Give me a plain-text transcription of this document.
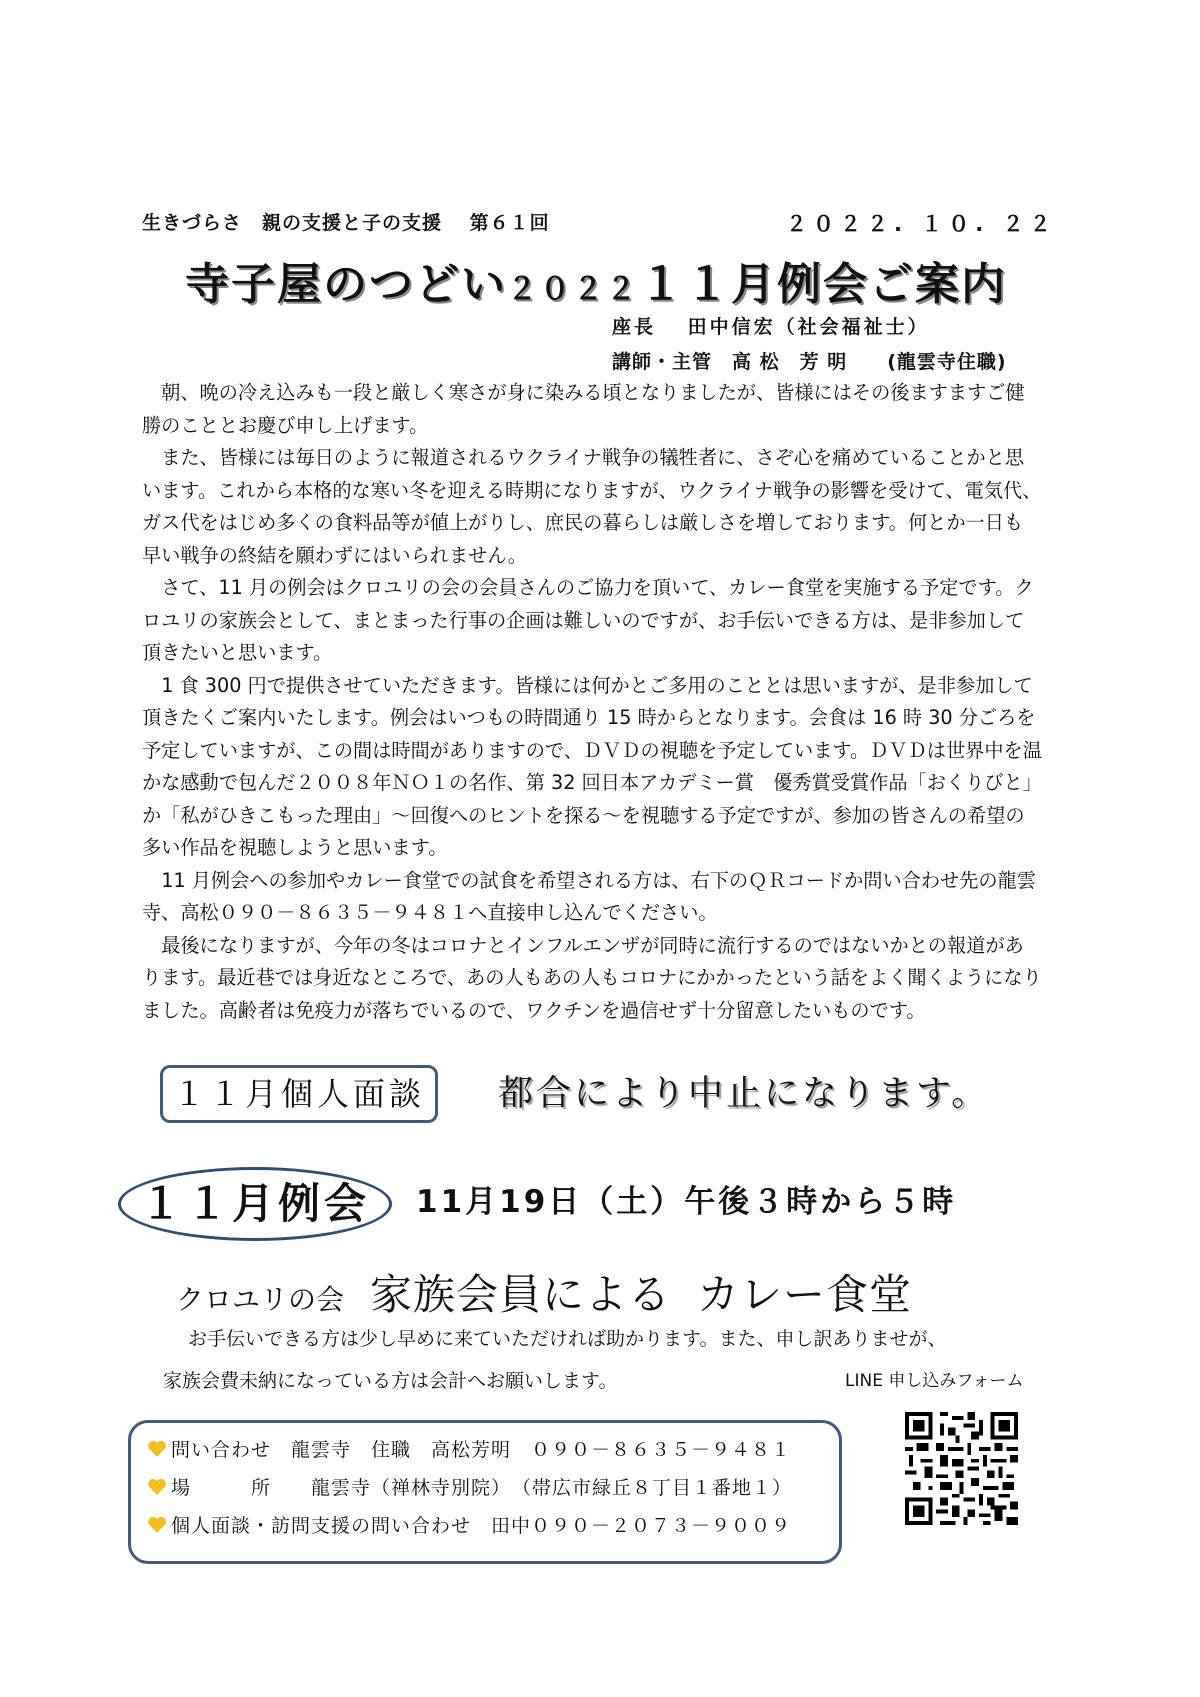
生きづらさ　親の支援と子の支援　 第６１回	２０２２. １０. ２２
寺子屋のつどい２０２２１１月例会ご案内
座長　 田中信宏（社会福祉士）
講師・主管　高 松　芳 明　　(龍雲寺住職)

朝、晩の冷え込みも一段と厳しく寒さが身に染みる頃となりましたが、皆様にはその後ますますご健勝のこととお慶び申し上げます。

また、皆様には毎日のように報道されるウクライナ戦争の犠牲者に、さぞ心を痛めていることかと思います。これから本格的な寒い冬を迎える時期になりますが、ウクライナ戦争の影響を受けて、電気代、ガス代をはじめ多くの食料品等が値上がりし、庶民の暮らしは厳しさを増しております。何とか一日も早い戦争の終結を願わずにはいられません。

さて、11 月の例会はクロユリの会の会員さんのご協力を頂いて、カレー食堂を実施する予定です。クロユリの家族会として、まとまった行事の企画は難しいのですが、お手伝いできる方は、是非参加して頂きたいと思います。

1 食 300 円で提供させていただきます。皆様には何かとご多用のこととは思いますが、是非参加して頂きたくご案内いたします。例会はいつもの時間通り 15 時からとなります。会食は 16 時 30 分ごろを予定していますが、この間は時間がありますので、ＤＶＤの視聴を予定しています。ＤＶＤは世界中を温かな感動で包んだ２００８年ＮＯ１の名作、第 32 回日本アカデミー賞　優秀賞受賞作品「おくりびと」か「私がひきこもった理由」～回復へのヒントを探る～を視聴する予定ですが、参加の皆さんの希望の多い作品を視聴しようと思います。

11 月例会への参加やカレー食堂での試食を希望される方は、右下のＱＲコードか問い合わせ先の龍雲寺、高松０９０－８６３５－９４８１へ直接申し込んでください。

最後になりますが、今年の冬はコロナとインフルエンザが同時に流行するのではないかとの報道があります。最近巷では身近なところで、あの人もあの人もコロナにかかったという話をよく聞くようになりました。高齢者は免疫力が落ちでいるので、ワクチンを過信せず十分留意したいものです。

１１月個人面談	都合により中止になります。
１１月例会	11月19日（土）午後３時から５時
クロユリの会 家族会員による カレー食堂
お手伝いできる方は少し早めに来ていただければ助かります。また、申し訳ありませが、
家族会費未納になっている方は会計へお願いします。	LINE 申し込みフォーム
問い合わせ　龍雲寺　住職　高松芳明　０９０－８６３５－９４８１
場　　　所　　龍雲寺（禅林寺別院）　（帯広市緑丘８丁目１番地１）
個人面談・訪問支援の問い合わせ　田中０９０－２０７３－９００９
